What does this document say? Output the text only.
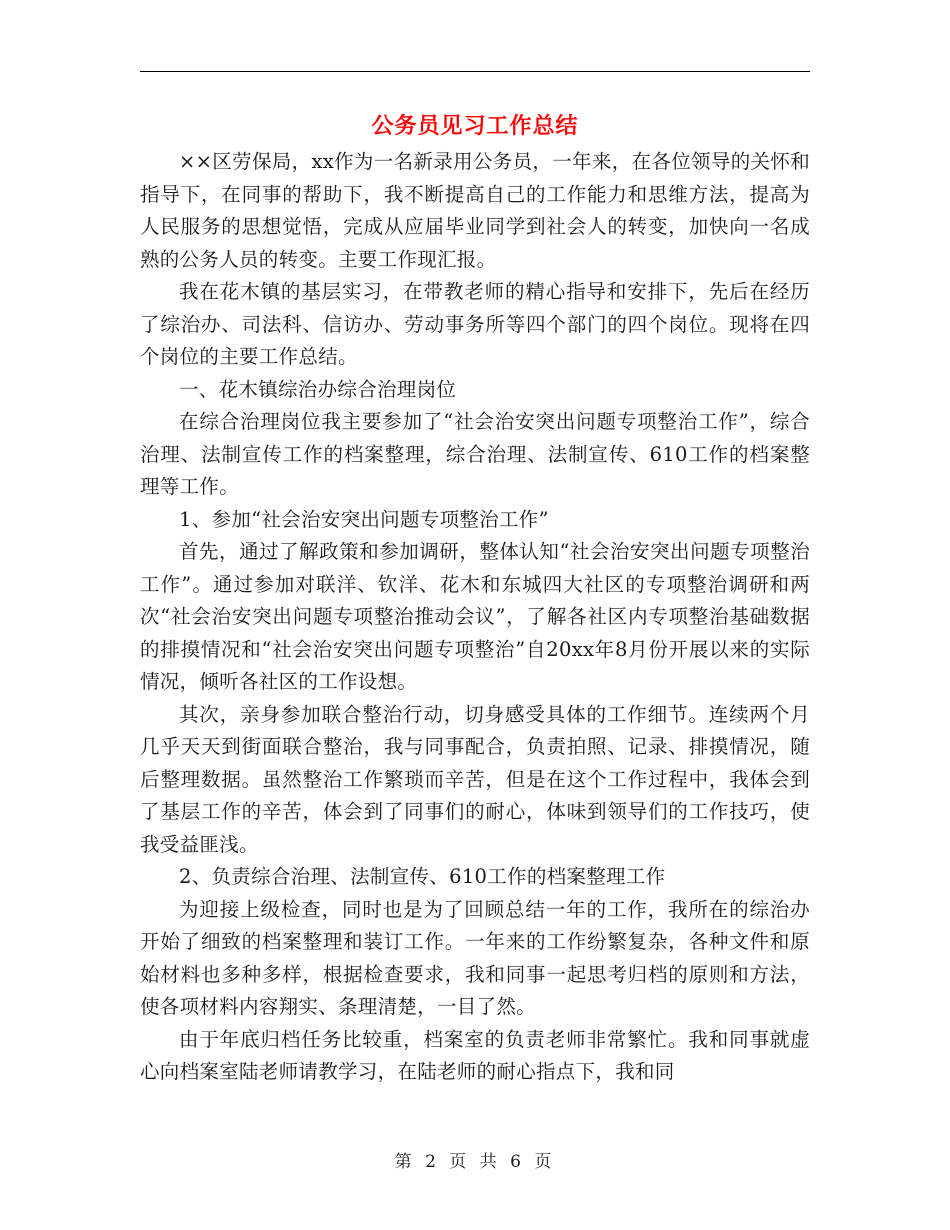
公务员见习工作总结

××区劳保局，xx作为一名新录用公务员，一年来，在各位领导的关怀和指导下，在同事的帮助下，我不断提高自己的工作能力和思维方法，提高为人民服务的思想觉悟，完成从应届毕业同学到社会人的转变，加快向一名成熟的公务人员的转变。主要工作现汇报。

我在花木镇的基层实习，在带教老师的精心指导和安排下，先后在经历了综治办、司法科、信访办、劳动事务所等四个部门的四个岗位。现将在四个岗位的主要工作总结。

一、花木镇综治办综合治理岗位

在综合治理岗位我主要参加了“社会治安突出问题专项整治工作”，综合治理、法制宣传工作的档案整理，综合治理、法制宣传、610工作的档案整理等工作。

1、参加“社会治安突出问题专项整治工作”

首先，通过了解政策和参加调研，整体认知“社会治安突出问题专项整治工作”。通过参加对联洋、钦洋、花木和东城四大社区的专项整治调研和两次“社会治安突出问题专项整治推动会议”，了解各社区内专项整治基础数据的排摸情况和“社会治安突出问题专项整治”自20xx年8月份开展以来的实际情况，倾听各社区的工作设想。

其次，亲身参加联合整治行动，切身感受具体的工作细节。连续两个月几乎天天到街面联合整治，我与同事配合，负责拍照、记录、排摸情况，随后整理数据。虽然整治工作繁琐而辛苦，但是在这个工作过程中，我体会到了基层工作的辛苦，体会到了同事们的耐心，体味到领导们的工作技巧，使我受益匪浅。

2、负责综合治理、法制宣传、610工作的档案整理工作

为迎接上级检查，同时也是为了回顾总结一年的工作，我所在的综治办开始了细致的档案整理和装订工作。一年来的工作纷繁复杂，各种文件和原始材料也多种多样，根据检查要求，我和同事一起思考归档的原则和方法，使各项材料内容翔实、条理清楚，一目了然。

由于年底归档任务比较重，档案室的负责老师非常繁忙。我和同事就虚心向档案室陆老师请教学习，在陆老师的耐心指点下，我和同

第 2 页 共 6 页
